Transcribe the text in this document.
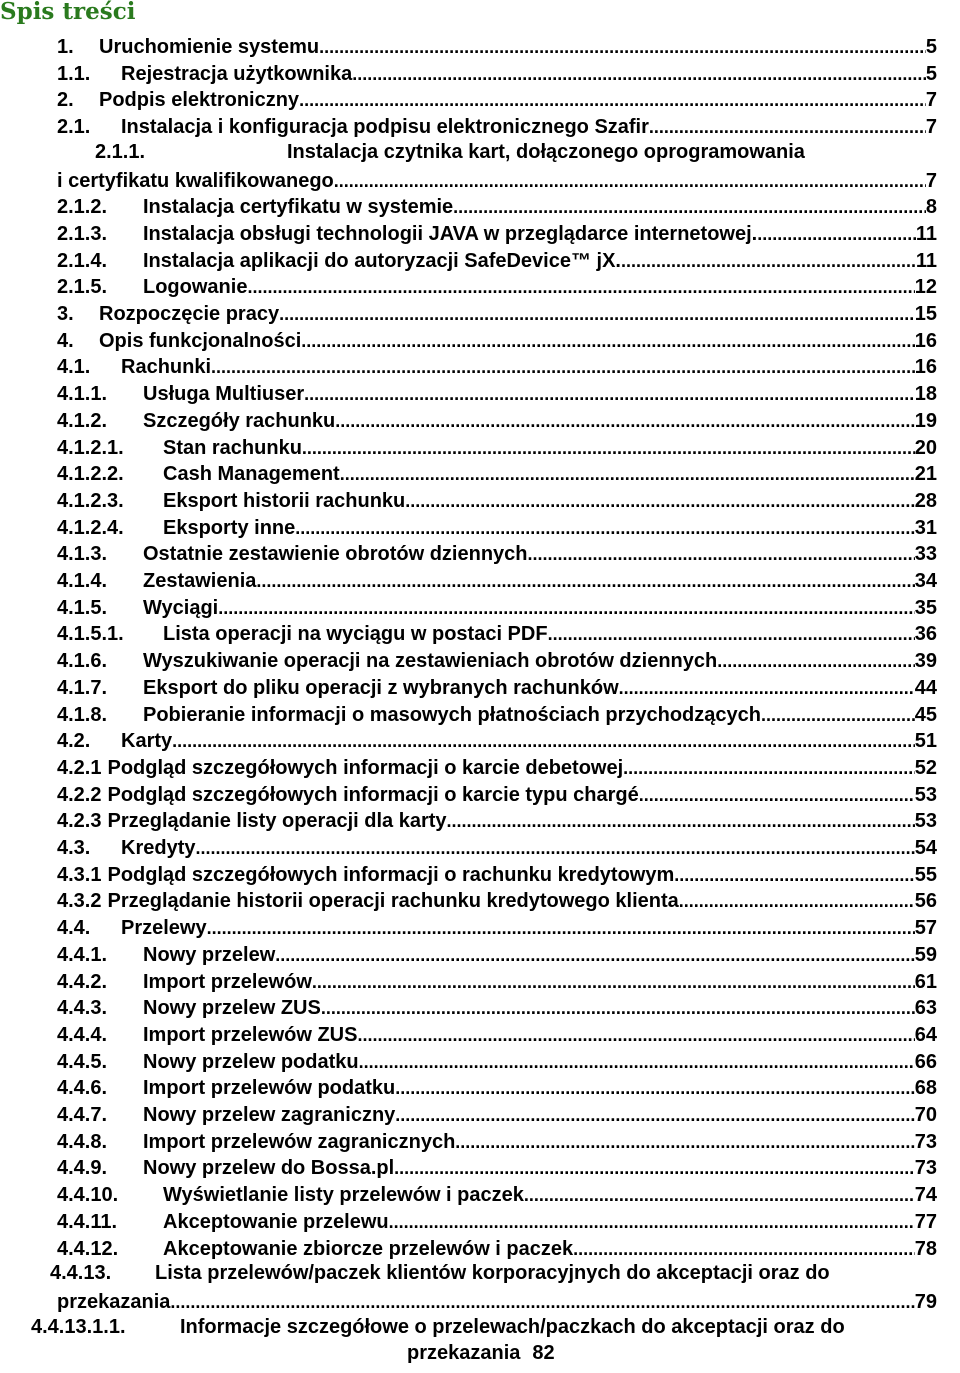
Spis treści
1.	Uruchomienie systemu .....	5
1.1.	Rejestracja użytkownika .....	5
2.	Podpis elektroniczny .....	7
2.1.	Instalacja i konfiguracja podpisu elektronicznego Szafir .....	7
2.1.1.	Instalacja czytnika kart, dołączonego oprogramowania
i certyfikatu kwalifikowanego .....	7
2.1.2.	Instalacja certyfikatu w systemie .....	8
2.1.3.	Instalacja obsługi technologii JAVA w przeglądarce internetowej. .....	11
2.1.4.	Instalacja aplikacji do autoryzacji SafeDevice™ jX. .....	11
2.1.5.	Logowanie .....	12
3.	Rozpoczęcie pracy .....	15
4.	Opis funkcjonalności .....	16
4.1.	Rachunki .....	16
4.1.1.	Usługa Multiuser .....	18
4.1.2.	Szczegóły rachunku .....	19
4.1.2.1.	Stan rachunku .....	20
4.1.2.2.	Cash Management .....	21
4.1.2.3.	Eksport historii rachunku .....	28
4.1.2.4.	Eksporty inne .....	31
4.1.3.	Ostatnie zestawienie obrotów dziennych .....	33
4.1.4.	Zestawienia .....	34
4.1.5.	Wyciągi .....	35
4.1.5.1.	Lista operacji na wyciągu w postaci PDF .....	36
4.1.6.	Wyszukiwanie operacji na zestawieniach obrotów dziennych .....	39
4.1.7.	Eksport do pliku operacji z wybranych rachunków .....	44
4.1.8.	Pobieranie informacji o masowych płatnościach przychodzących .....	45
4.2.	Karty .....	51
4.2.1 Podgląd szczegółowych informacji o karcie debetowej .....	52
4.2.2 Podgląd szczegółowych informacji o karcie typu chargé .....	53
4.2.3 Przeglądanie listy operacji dla karty .....	53
4.3.	Kredyty .....	54
4.3.1 Podgląd szczegółowych informacji o rachunku kredytowym .....	55
4.3.2 Przeglądanie historii operacji rachunku kredytowego klienta .....	56
4.4.	Przelewy .....	57
4.4.1.	Nowy przelew .....	59
4.4.2.	Import przelewów .....	61
4.4.3.	Nowy przelew ZUS .....	63
4.4.4.	Import przelewów ZUS .....	64
4.4.5.	Nowy przelew podatku .....	66
4.4.6.	Import przelewów podatku .....	68
4.4.7.	Nowy przelew zagraniczny .....	70
4.4.8.	Import przelewów zagranicznych .....	73
4.4.9.	Nowy przelew do Bossa.pl .....	73
4.4.10.	Wyświetlanie listy przelewów i paczek .....	74
4.4.11.	Akceptowanie przelewu .....	77
4.4.12.	Akceptowanie zbiorcze przelewów i paczek .....	78
4.4.13.	Lista przelewów/paczek klientów korporacyjnych do akceptacji oraz do
przekazania .....	79
4.4.13.1.1.	Informacje szczegółowe o przelewach/paczkach do akceptacji oraz do
przekazania 82
